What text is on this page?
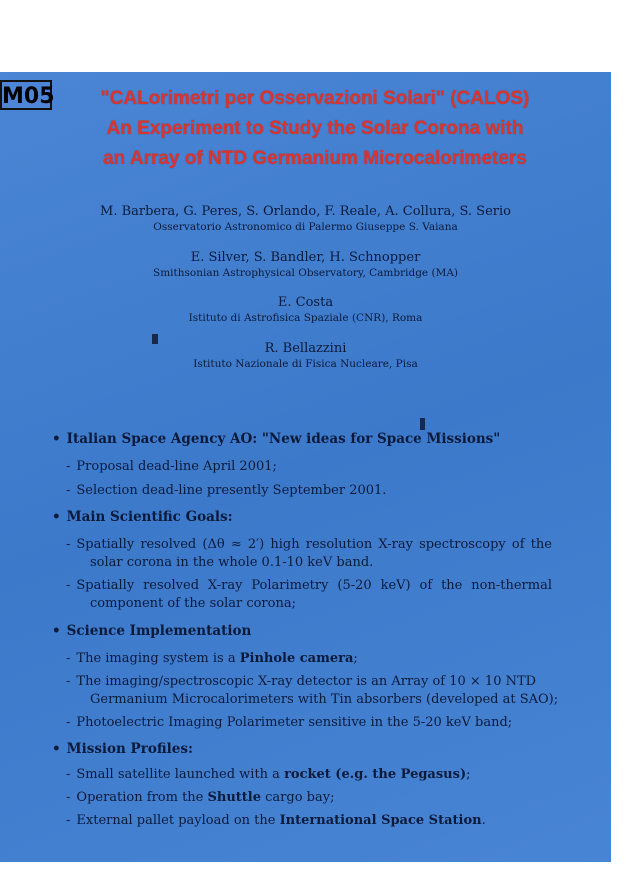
M05	"CALorimetri per Osservazioni Solari" (CALOS)
An Experiment to Study the Solar Corona with
an Array of NTD Germanium Microcalorimeters
M. Barbera, G. Peres, S. Orlando, F. Reale, A. Collura, S. Serio
Osservatorio Astronomico di Palermo Giuseppe S. Vaiana
E. Silver, S. Bandler, H. Schnopper
Smithsonian Astrophysical Observatory, Cambridge (MA)
E. Costa
Istituto di Astrofisica Spaziale (CNR), Roma
R. Bellazzini
Istituto Nazionale di Fisica Nucleare, Pisa
• Italian Space Agency AO: "New ideas for Space Missions"
- Proposal dead-line April 2001;
- Selection dead-line presently September 2001.
• Main Scientific Goals:
- Spatially resolved (Δθ ≈ 2′) high resolution X-ray spectroscopy of the
solar corona in the whole 0.1-10 keV band.
- Spatially resolved X-ray Polarimetry (5-20 keV) of the non-thermal
component of the solar corona;
• Science Implementation
- The imaging system is a Pinhole camera;
- The imaging/spectroscopic X-ray detector is an Array of 10 × 10 NTD
Germanium Microcalorimeters with Tin absorbers (developed at SAO);
- Photoelectric Imaging Polarimeter sensitive in the 5-20 keV band;
• Mission Profiles:
- Small satellite launched with a rocket (e.g. the Pegasus);
- Operation from the Shuttle cargo bay;
- External pallet payload on the International Space Station.
